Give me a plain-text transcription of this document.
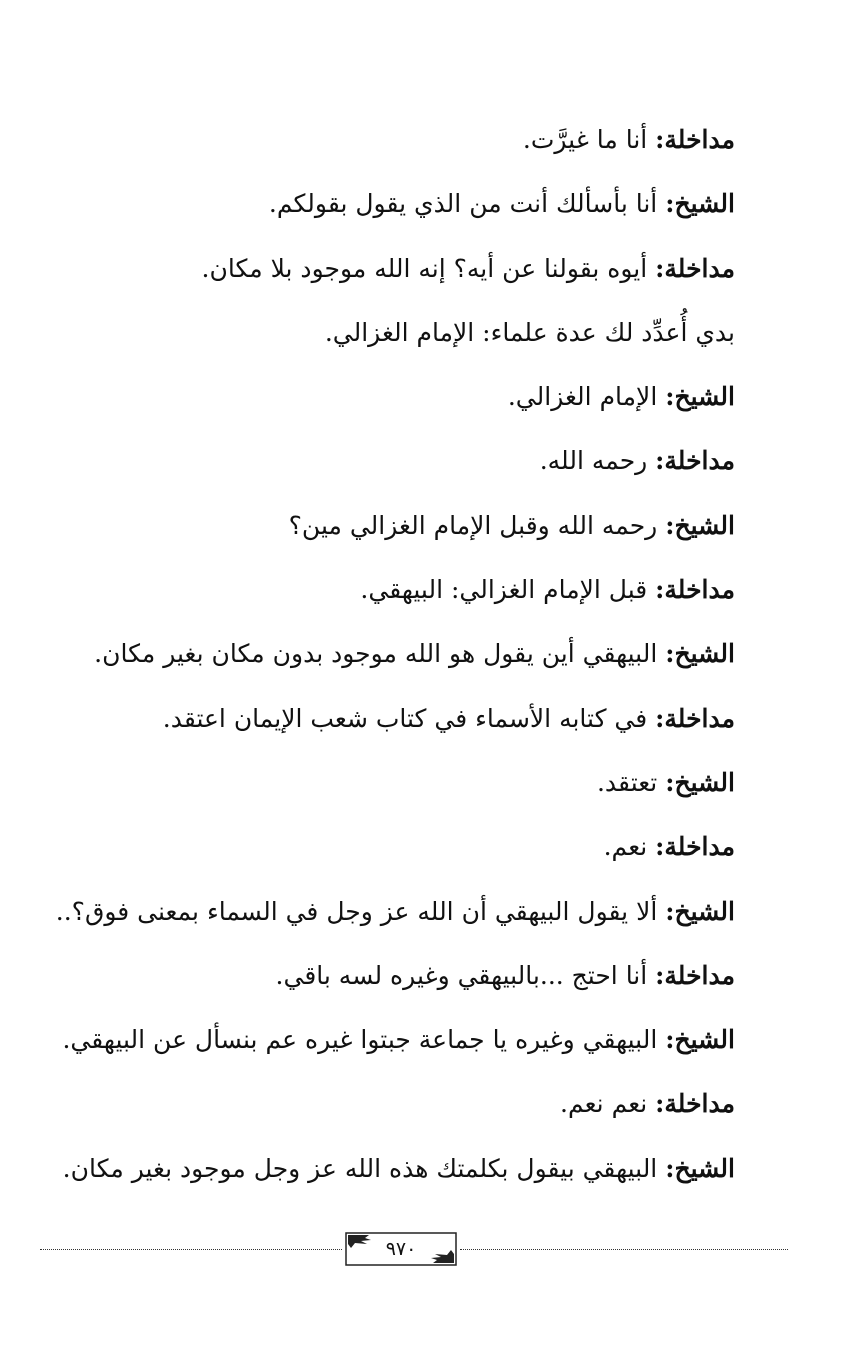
مداخلة: أنا ما غيرَّت.
الشيخ: أنا بأسألك أنت من الذي يقول بقولكم.
مداخلة: أيوه بقولنا عن أيه؟ إنه الله موجود بلا مكان.
بدي أُعدِّد لك عدة علماء: الإمام الغزالي.
الشيخ: الإمام الغزالي.
مداخلة: رحمه الله.
الشيخ: رحمه الله وقبل الإمام الغزالي مين؟
مداخلة: قبل الإمام الغزالي: البيهقي.
الشيخ: البيهقي أين يقول هو الله موجود بدون مكان بغير مكان.
مداخلة: في كتابه الأسماء في كتاب شعب الإيمان اعتقد.
الشيخ: تعتقد.
مداخلة: نعم.
الشيخ: ألا يقول البيهقي أن الله عز وجل في السماء بمعنى فوق؟..
مداخلة: أنا احتج ...بالبيهقي وغيره لسه باقي.
الشيخ: البيهقي وغيره يا جماعة جبتوا غيره عم بنسأل عن البيهقي.
مداخلة: نعم نعم.
الشيخ: البيهقي بيقول بكلمتك هذه الله عز وجل موجود بغير مكان.
٩٧٠
